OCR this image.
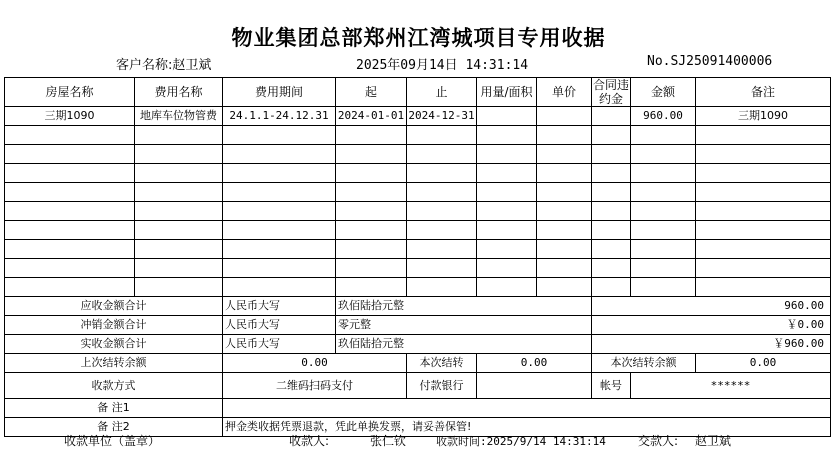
物业集团总部郑州江湾城项目专用收据
客户名称:赵卫斌	2025年09月14日 14:31:14	No.SJ25091400006
房屋名称	费用名称	费用期间	起	止	用量/面积	单价	合同违约金	金额	备注
三期1090	地库车位物管费	24.1.1-24.12.31	2024-01-01	2024-12-31				960.00	三期1090

应收金额合计		人民币大写	玖佰陆拾元整				960.00		
冲销金额合计		人民币大写	零元整				￥0.00		
实收金额合计		人民币大写	玖佰陆拾元整				￥960.00		
上次结转余额		0.00		本次结转	0.00		本次结转余额		0.00
收款方式		二维码扫码支付		付款银行			帐号	******	
备 注1									
备 注2		押金类收据凭票退款，凭此单换发票，请妥善保管!							
收款单位（盖章）	收款人:	张仁钦	收款时间:2025/9/14 14:31:14	交款人: 赵卫斌
